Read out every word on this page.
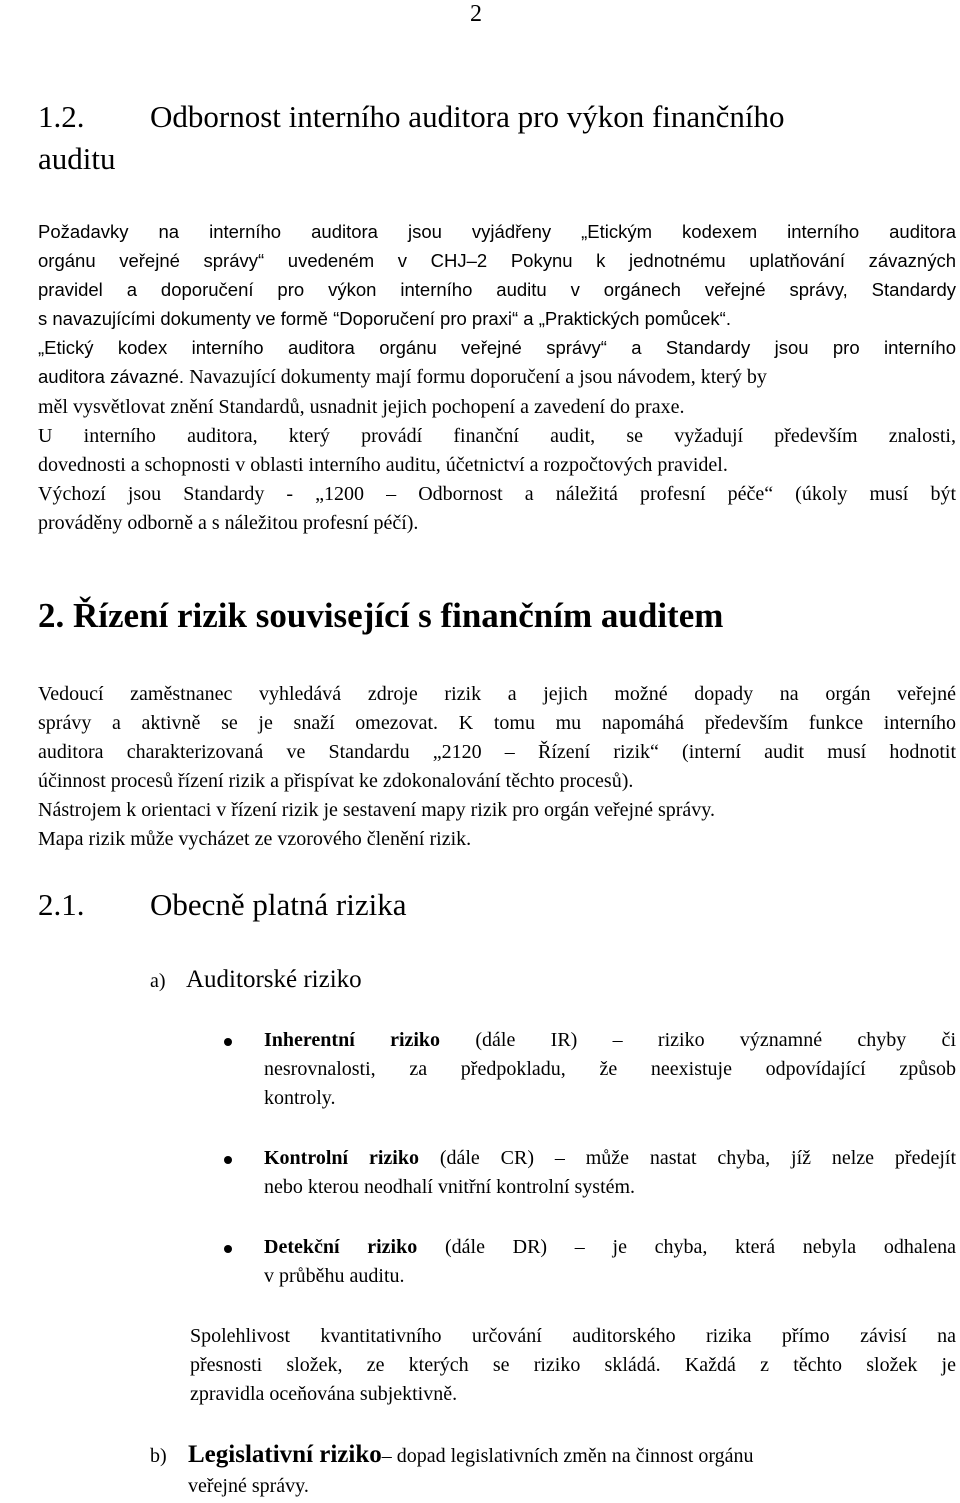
2
1.2. Odbornost interního auditora pro výkon finančního
auditu
Požadavky na interního auditora jsou vyjádřeny „Etickým kodexem interního auditora
orgánu veřejné správy“ uvedeném v CHJ–2 Pokynu k jednotnému uplatňování závazných
pravidel a doporučení pro výkon interního auditu v orgánech veřejné správy, Standardy
s navazujícími dokumenty ve formě “Doporučení pro praxi“ a „Praktických pomůcek“.
„Etický kodex interního auditora orgánu veřejné správy“ a Standardy jsou pro interního
auditora závazné. Navazující dokumenty mají formu doporučení a jsou návodem, který by
měl vysvětlovat znění Standardů, usnadnit jejich pochopení a zavedení do praxe.
U interního auditora, který provádí finanční audit, se vyžadují především znalosti,
dovednosti a schopnosti v oblasti interního auditu, účetnictví a rozpočtových pravidel.
Výchozí jsou Standardy - „1200 – Odbornost a náležitá profesní péče“ (úkoly musí být
prováděny odborně a s náležitou profesní péčí).
2. Řízení rizik související s finančním auditem
Vedoucí zaměstnanec vyhledává zdroje rizik a jejich možné dopady na orgán veřejné
správy a aktivně se je snaží omezovat. K tomu mu napomáhá především funkce interního
auditora charakterizovaná ve Standardu „2120 – Řízení rizik“ (interní audit musí hodnotit
účinnost procesů řízení rizik a přispívat ke zdokonalování těchto procesů).
Nástrojem k orientaci v řízení rizik je sestavení mapy rizik pro orgán veřejné správy.
Mapa rizik může vycházet ze vzorového členění rizik.
2.1. Obecně platná rizika
a) Auditorské riziko
Inherentní riziko (dále IR) – riziko významné chyby či
nesrovnalosti, za předpokladu, že neexistuje odpovídající způsob
kontroly.
Kontrolní riziko (dále CR) – může nastat chyba, jíž nelze předejít
nebo kterou neodhalí vnitřní kontrolní systém.
Detekční riziko (dále DR) – je chyba, která nebyla odhalena
v průběhu auditu.
Spolehlivost kvantitativního určování auditorského rizika přímo závisí na
přesnosti složek, ze kterých se riziko skládá. Každá z těchto složek je
zpravidla oceňována subjektivně.
b) Legislativní riziko– dopad legislativních změn na činnost orgánu
veřejné správy.
